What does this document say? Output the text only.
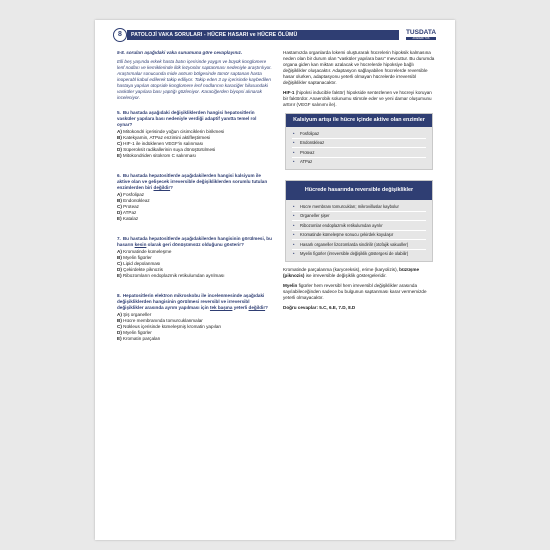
8	PATOLOJİ VAKA SORULARI - HÜCRE HASARI ve HÜCRE ÖLÜMÜ	TUSDATA
AKADEMİ TUS
5-8. soruları aşağıdaki vaka sunumuna göre cevaplayınız.
Elli beş yaşında erkek hasta batın içerisinde yaygın ve büyük konglomere lenf nodları ve kemiklerinde litik lezyonlar saptanması nedeniyle araştırılıyor. Araştırmalar sonucunda mide antrum bölgesinde tümör saptanan hasta inoperabl kabul edilerek takip ediliyor. Takip eden 3 ay içerisinde kaybedilen hastaya yapılan otopside konglomere lenf nodlarının karaciğer hilusundaki vasküler yapılara bası yaptığı gözleniyor. Karaciğerden biyopsi alınarak inceleniyor.
5. Bu hastada aşağıdaki değişikliklerden hangisi hepatositlerin vasküler yapılara bası nedeniyle verdiği adaptif yanıtta temel rol oynar?
A) Mitokondri içerisinde yoğun cisimciklerin birikmesi
B) Katekyamin, ATPaz enzimini aktifleştirmesi
C) HIF-1 ile indüklenen VEGF'in salınması
D) Süperoksit radikallerinin suya dönüştürülmesi
E) Mitokondriden sitokrom C salınması
6. Bu hastada hepatositlerde aşağıdakilerden hangisi kalsiyum ile aktive olan ve gelişecek irreversible değişikliklerden sorumlu tutulan enzimlerden biri değildir?
A) Fosfolipaz
B) Endonükleaz
C) Proteaz
D) ATPaz
E) Katalaz
7. Bu hastada hepatositlerde aşağıdakilerden hangisinin görülmesi, bu hasarın kesin olarak geri dönüşümsüz olduğunu gösterir?
A) Kromatinde kümeleşme
B) Myelin figürler
C) Lipid depolanması
D) Çekirdekte piknozis
E) Ribozomların endoplazmik retikulumdan ayrılması
8. Hepatositlerin elektron mikroskobu ile incelenmesinde aşağıdaki değişikliklerden hangisinin görülmesi reversibl ve irreversibl değişiklikler arasında ayrım yapılması için tek başına yeterli değildir?
A) Şiş organeller
B) Hücre membranında tomurcuklanmalar
C) Nükleus içerisinde kümeleşmiş kromatin yapıları
D) Myelin figürler
E) Kromatin parçaları
Hastamızda organlarda lokemi oluşturarak hücrelerin hipoksik kalmasına neden olan bir durum olan "vasküler yapılara bası" mevcuttur. Bu durumda organa giden kan miktarı azalacak ve hücrelerde hipoksiye bağlı değişiklikler oluşacaktır. Adaptasyon sağlayabilen hücrelerde reversible hasar olurken, adaptasyonu yeterli olmayan hücrelerde irreversibl değişiklikler saptanacaktır.
HIF-1 (hipoksi inducible faktör) hipokside sentezlenen ve hücreyi koruyan bir faktördür. Anaerobik solunumu stimüle eder ve yeni damar oluşumunu arttırır (VEGF salınımı ile).
Kalsiyum artışı ile hücre içinde aktive olan enzimler
• Fosfolipaz
• Endonükleaz
• Proteaz
• ATPaz
Hücrede hasarında reversible değişiklikler
• Hücre membranı tomurcukları; mikrovilluslar kaybolur
• Organeller şişer
• Ribozomlar endoplazmik retikulumdan ayrılır
• Kromatinde kümeleşme sonucu çekirdek koyulaşır
• Hasarlı organeller lizozomlarda sindirilir (otofajik vakuoller)
• Myelin figürler (irreversible değişiklik göstergesi de olabilir)
Kromatinde parçalanma (karyoreksis), erime (karyolizis), büzüşme (piknozis) ise irreversible değişiklik göstergeleridir.
Myelin figürler hem reversibl hem irreversibl değişiklikler arasında sayılabileceğinden sadece bu bulgunun saptanması karar vermemizde yeterli olmayacaktır.
Doğru cevaplar: 5.C, 6.E, 7.D, 8.D
